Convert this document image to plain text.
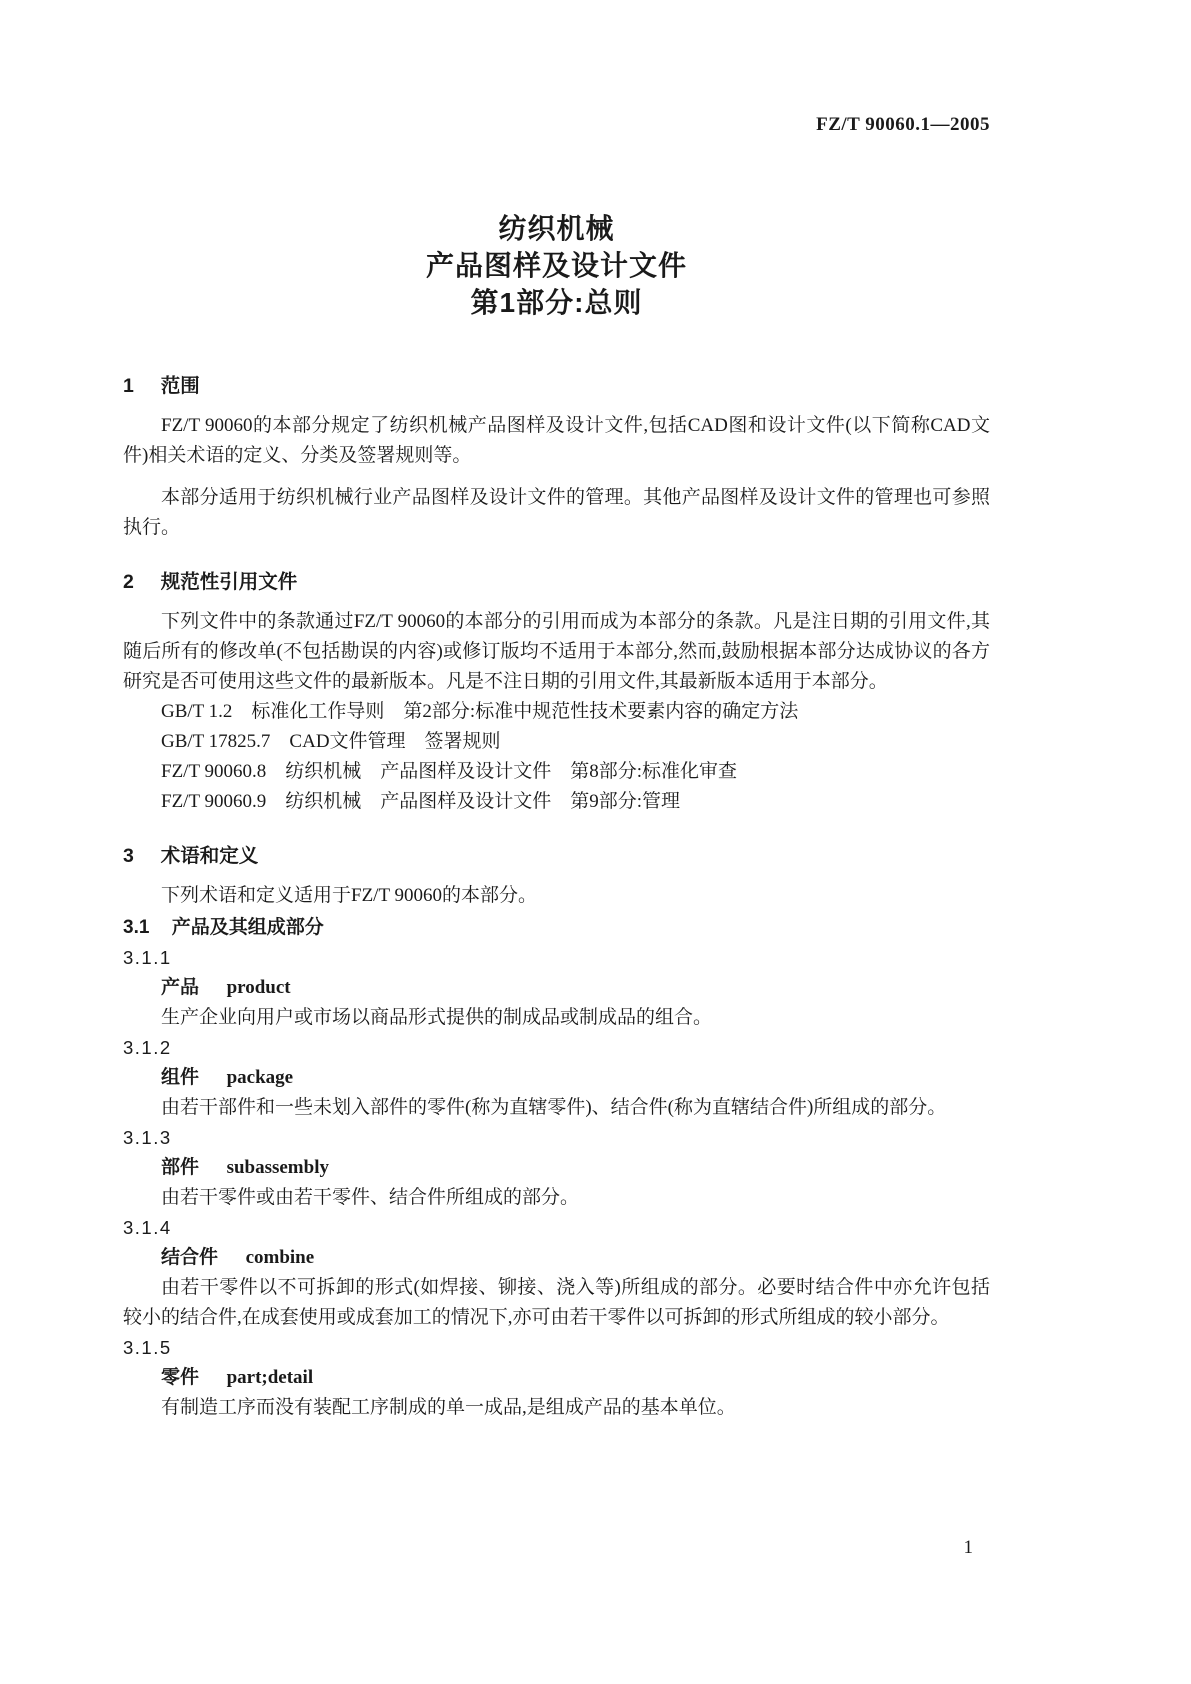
FZ/T 90060.1—2005
纺织机械
产品图样及设计文件
第1部分:总则
1 范围

FZ/T 90060的本部分规定了纺织机械产品图样及设计文件,包括CAD图和设计文件(以下简称CAD文件)相关术语的定义、分类及签署规则等。

本部分适用于纺织机械行业产品图样及设计文件的管理。其他产品图样及设计文件的管理也可参照执行。

2 规范性引用文件

下列文件中的条款通过FZ/T 90060的本部分的引用而成为本部分的条款。凡是注日期的引用文件,其随后所有的修改单(不包括勘误的内容)或修订版均不适用于本部分,然而,鼓励根据本部分达成协议的各方研究是否可使用这些文件的最新版本。凡是不注日期的引用文件,其最新版本适用于本部分。

GB/T 1.2　标准化工作导则　第2部分:标准中规范性技术要素内容的确定方法

GB/T 17825.7　CAD文件管理　签署规则

FZ/T 90060.8　纺织机械　产品图样及设计文件　第8部分:标准化审查

FZ/T 90060.9　纺织机械　产品图样及设计文件　第9部分:管理

3 术语和定义

下列术语和定义适用于FZ/T 90060的本部分。

3.1 产品及其组成部分

3.1.1

产品 product

生产企业向用户或市场以商品形式提供的制成品或制成品的组合。

3.1.2

组件 package

由若干部件和一些未划入部件的零件(称为直辖零件)、结合件(称为直辖结合件)所组成的部分。

3.1.3

部件 subassembly

由若干零件或由若干零件、结合件所组成的部分。

3.1.4

结合件 combine

由若干零件以不可拆卸的形式(如焊接、铆接、浇入等)所组成的部分。必要时结合件中亦允许包括较小的结合件,在成套使用或成套加工的情况下,亦可由若干零件以可拆卸的形式所组成的较小部分。

3.1.5

零件 part;detail

有制造工序而没有装配工序制成的单一成品,是组成产品的基本单位。

1
